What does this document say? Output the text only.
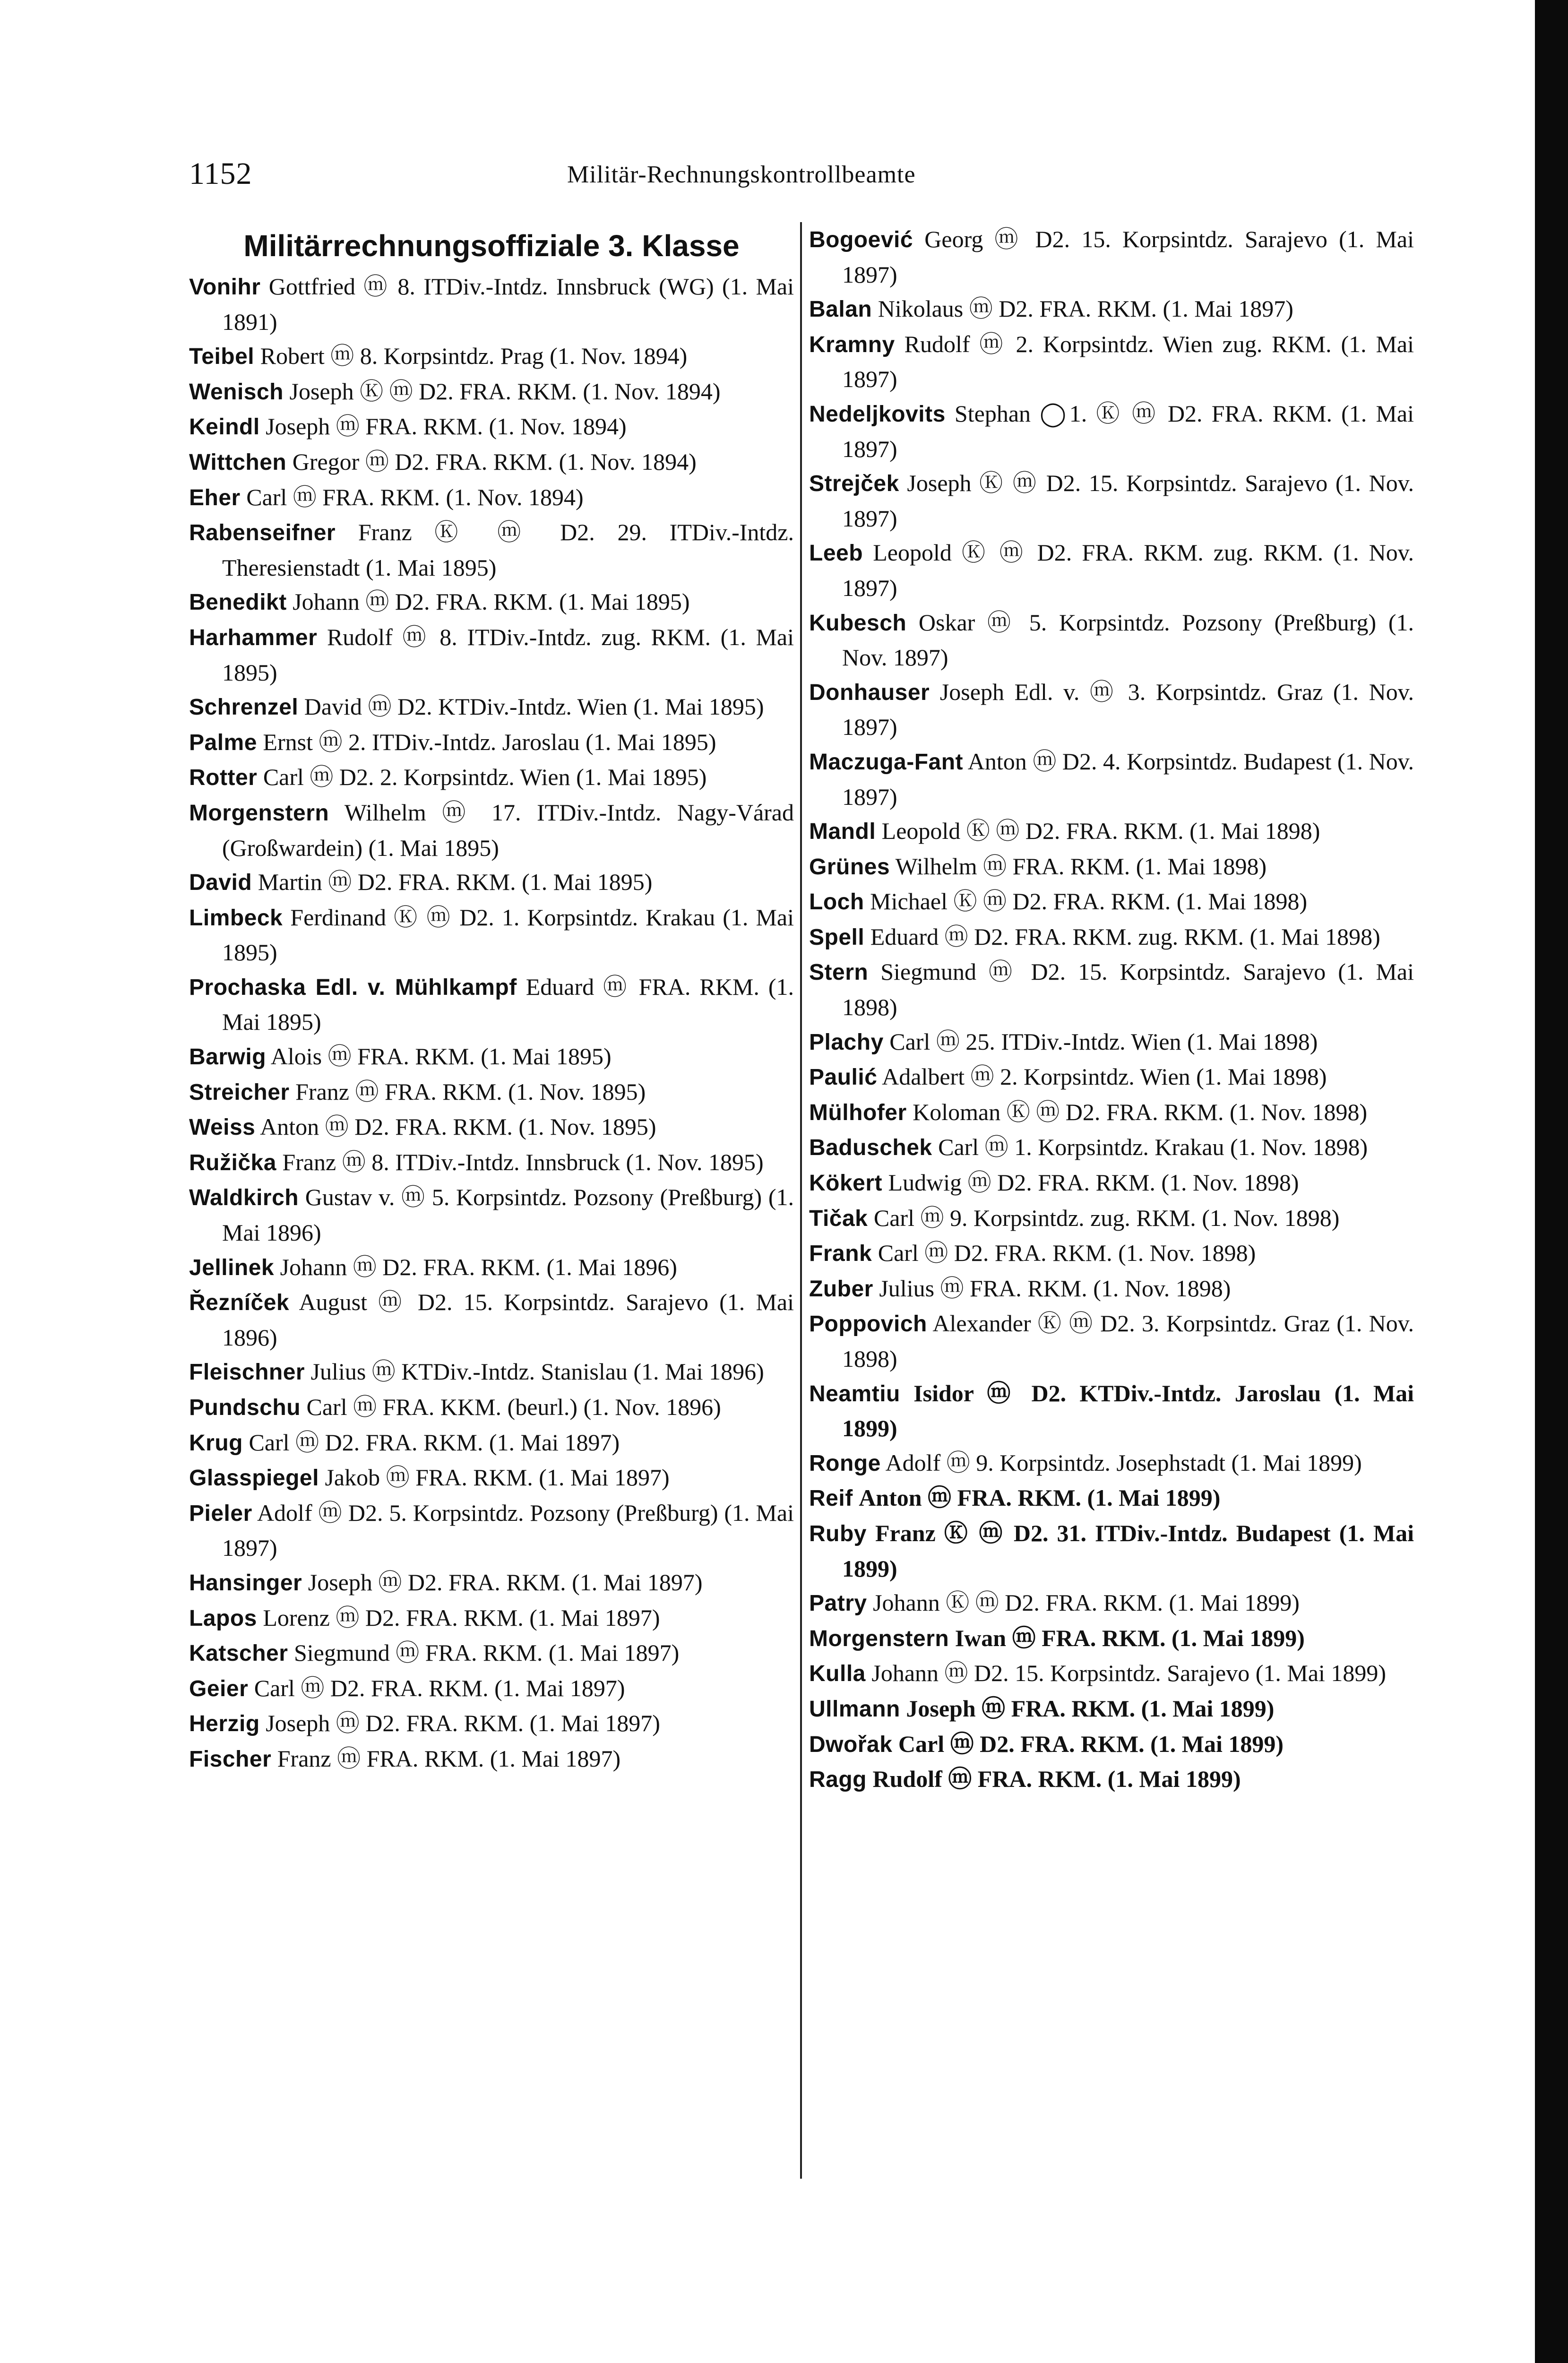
1152	Militär-Rechnungskontrollbeamte
Militärrechnungsoffiziale 3. Klasse
Vonihr Gottfried ⓜ 8. ITDiv.-Intdz. Innsbruck (WG) (1. Mai 1891)
Teibel Robert ⓜ 8. Korpsintdz. Prag (1. Nov. 1894)
Wenisch Joseph Ⓚ ⓜ D2. FRA. RKM. (1. Nov. 1894)
Keindl Joseph ⓜ FRA. RKM. (1. Nov. 1894)
Wittchen Gregor ⓜ D2. FRA. RKM. (1. Nov. 1894)
Eher Carl ⓜ FRA. RKM. (1. Nov. 1894)
Rabenseifner Franz Ⓚ ⓜ D2. 29. ITDiv.-Intdz. Theresienstadt (1. Mai 1895)
Benedikt Johann ⓜ D2. FRA. RKM. (1. Mai 1895)
Harhammer Rudolf ⓜ 8. ITDiv.-Intdz. zug. RKM. (1. Mai 1895)
Schrenzel David ⓜ D2. KTDiv.-Intdz. Wien (1. Mai 1895)
Palme Ernst ⓜ 2. ITDiv.-Intdz. Jaroslau (1. Mai 1895)
Rotter Carl ⓜ D2. 2. Korpsintdz. Wien (1. Mai 1895)
Morgenstern Wilhelm ⓜ 17. ITDiv.-Intdz. Nagy-Várad (Großwardein) (1. Mai 1895)
David Martin ⓜ D2. FRA. RKM. (1. Mai 1895)
Limbeck Ferdinand Ⓚ ⓜ D2. 1. Korpsintdz. Krakau (1. Mai 1895)
Prochaska Edl. v. Mühlkampf Eduard ⓜ FRA. RKM. (1. Mai 1895)
Barwig Alois ⓜ FRA. RKM. (1. Mai 1895)
Streicher Franz ⓜ FRA. RKM. (1. Nov. 1895)
Weiss Anton ⓜ D2. FRA. RKM. (1. Nov. 1895)
Ružička Franz ⓜ 8. ITDiv.-Intdz. Innsbruck (1. Nov. 1895)
Waldkirch Gustav v. ⓜ 5. Korpsintdz. Pozsony (Preßburg) (1. Mai 1896)
Jellinek Johann ⓜ D2. FRA. RKM. (1. Mai 1896)
Řezníček August ⓜ D2. 15. Korpsintdz. Sarajevo (1. Mai 1896)
Fleischner Julius ⓜ KTDiv.-Intdz. Stanislau (1. Mai 1896)
Pundschu Carl ⓜ FRA. KKM. (beurl.) (1. Nov. 1896)
Krug Carl ⓜ D2. FRA. RKM. (1. Mai 1897)
Glasspiegel Jakob ⓜ FRA. RKM. (1. Mai 1897)
Pieler Adolf ⓜ D2. 5. Korpsintdz. Pozsony (Preßburg) (1. Mai 1897)
Hansinger Joseph ⓜ D2. FRA. RKM. (1. Mai 1897)
Lapos Lorenz ⓜ D2. FRA. RKM. (1. Mai 1897)
Katscher Siegmund ⓜ FRA. RKM. (1. Mai 1897)
Geier Carl ⓜ D2. FRA. RKM. (1. Mai 1897)
Herzig Joseph ⓜ D2. FRA. RKM. (1. Mai 1897)
Fischer Franz ⓜ FRA. RKM. (1. Mai 1897)
Bogoević Georg ⓜ D2. 15. Korpsintdz. Sarajevo (1. Mai 1897)
Balan Nikolaus ⓜ D2. FRA. RKM. (1. Mai 1897)
Kramny Rudolf ⓜ 2. Korpsintdz. Wien zug. RKM. (1. Mai 1897)
Nedeljkovits Stephan ◯1. Ⓚ ⓜ D2. FRA. RKM. (1. Mai 1897)
Strejček Joseph Ⓚ ⓜ D2. 15. Korpsintdz. Sarajevo (1. Nov. 1897)
Leeb Leopold Ⓚ ⓜ D2. FRA. RKM. zug. RKM. (1. Nov. 1897)
Kubesch Oskar ⓜ 5. Korpsintdz. Pozsony (Preßburg) (1. Nov. 1897)
Donhauser Joseph Edl. v. ⓜ 3. Korpsintdz. Graz (1. Nov. 1897)
Maczuga-Fant Anton ⓜ D2. 4. Korpsintdz. Budapest (1. Nov. 1897)
Mandl Leopold Ⓚ ⓜ D2. FRA. RKM. (1. Mai 1898)
Grünes Wilhelm ⓜ FRA. RKM. (1. Mai 1898)
Loch Michael Ⓚ ⓜ D2. FRA. RKM. (1. Mai 1898)
Spell Eduard ⓜ D2. FRA. RKM. zug. RKM. (1. Mai 1898)
Stern Siegmund ⓜ D2. 15. Korpsintdz. Sarajevo (1. Mai 1898)
Plachy Carl ⓜ 25. ITDiv.-Intdz. Wien (1. Mai 1898)
Paulić Adalbert ⓜ 2. Korpsintdz. Wien (1. Mai 1898)
Mülhofer Koloman Ⓚ ⓜ D2. FRA. RKM. (1. Nov. 1898)
Baduschek Carl ⓜ 1. Korpsintdz. Krakau (1. Nov. 1898)
Kökert Ludwig ⓜ D2. FRA. RKM. (1. Nov. 1898)
Tičak Carl ⓜ 9. Korpsintdz. zug. RKM. (1. Nov. 1898)
Frank Carl ⓜ D2. FRA. RKM. (1. Nov. 1898)
Zuber Julius ⓜ FRA. RKM. (1. Nov. 1898)
Poppovich Alexander Ⓚ ⓜ D2. 3. Korpsintdz. Graz (1. Nov. 1898)
Neamtiu Isidor ⓜ D2. KTDiv.-Intdz. Jaroslau (1. Mai 1899)
Ronge Adolf ⓜ 9. Korpsintdz. Josephstadt (1. Mai 1899)
Reif Anton ⓜ FRA. RKM. (1. Mai 1899)
Ruby Franz Ⓚ ⓜ D2. 31. ITDiv.-Intdz. Budapest (1. Mai 1899)
Patry Johann Ⓚ ⓜ D2. FRA. RKM. (1. Mai 1899)
Morgenstern Iwan ⓜ FRA. RKM. (1. Mai 1899)
Kulla Johann ⓜ D2. 15. Korpsintdz. Sarajevo (1. Mai 1899)
Ullmann Joseph ⓜ FRA. RKM. (1. Mai 1899)
Dwořak Carl ⓜ D2. FRA. RKM. (1. Mai 1899)
Ragg Rudolf ⓜ FRA. RKM. (1. Mai 1899)
